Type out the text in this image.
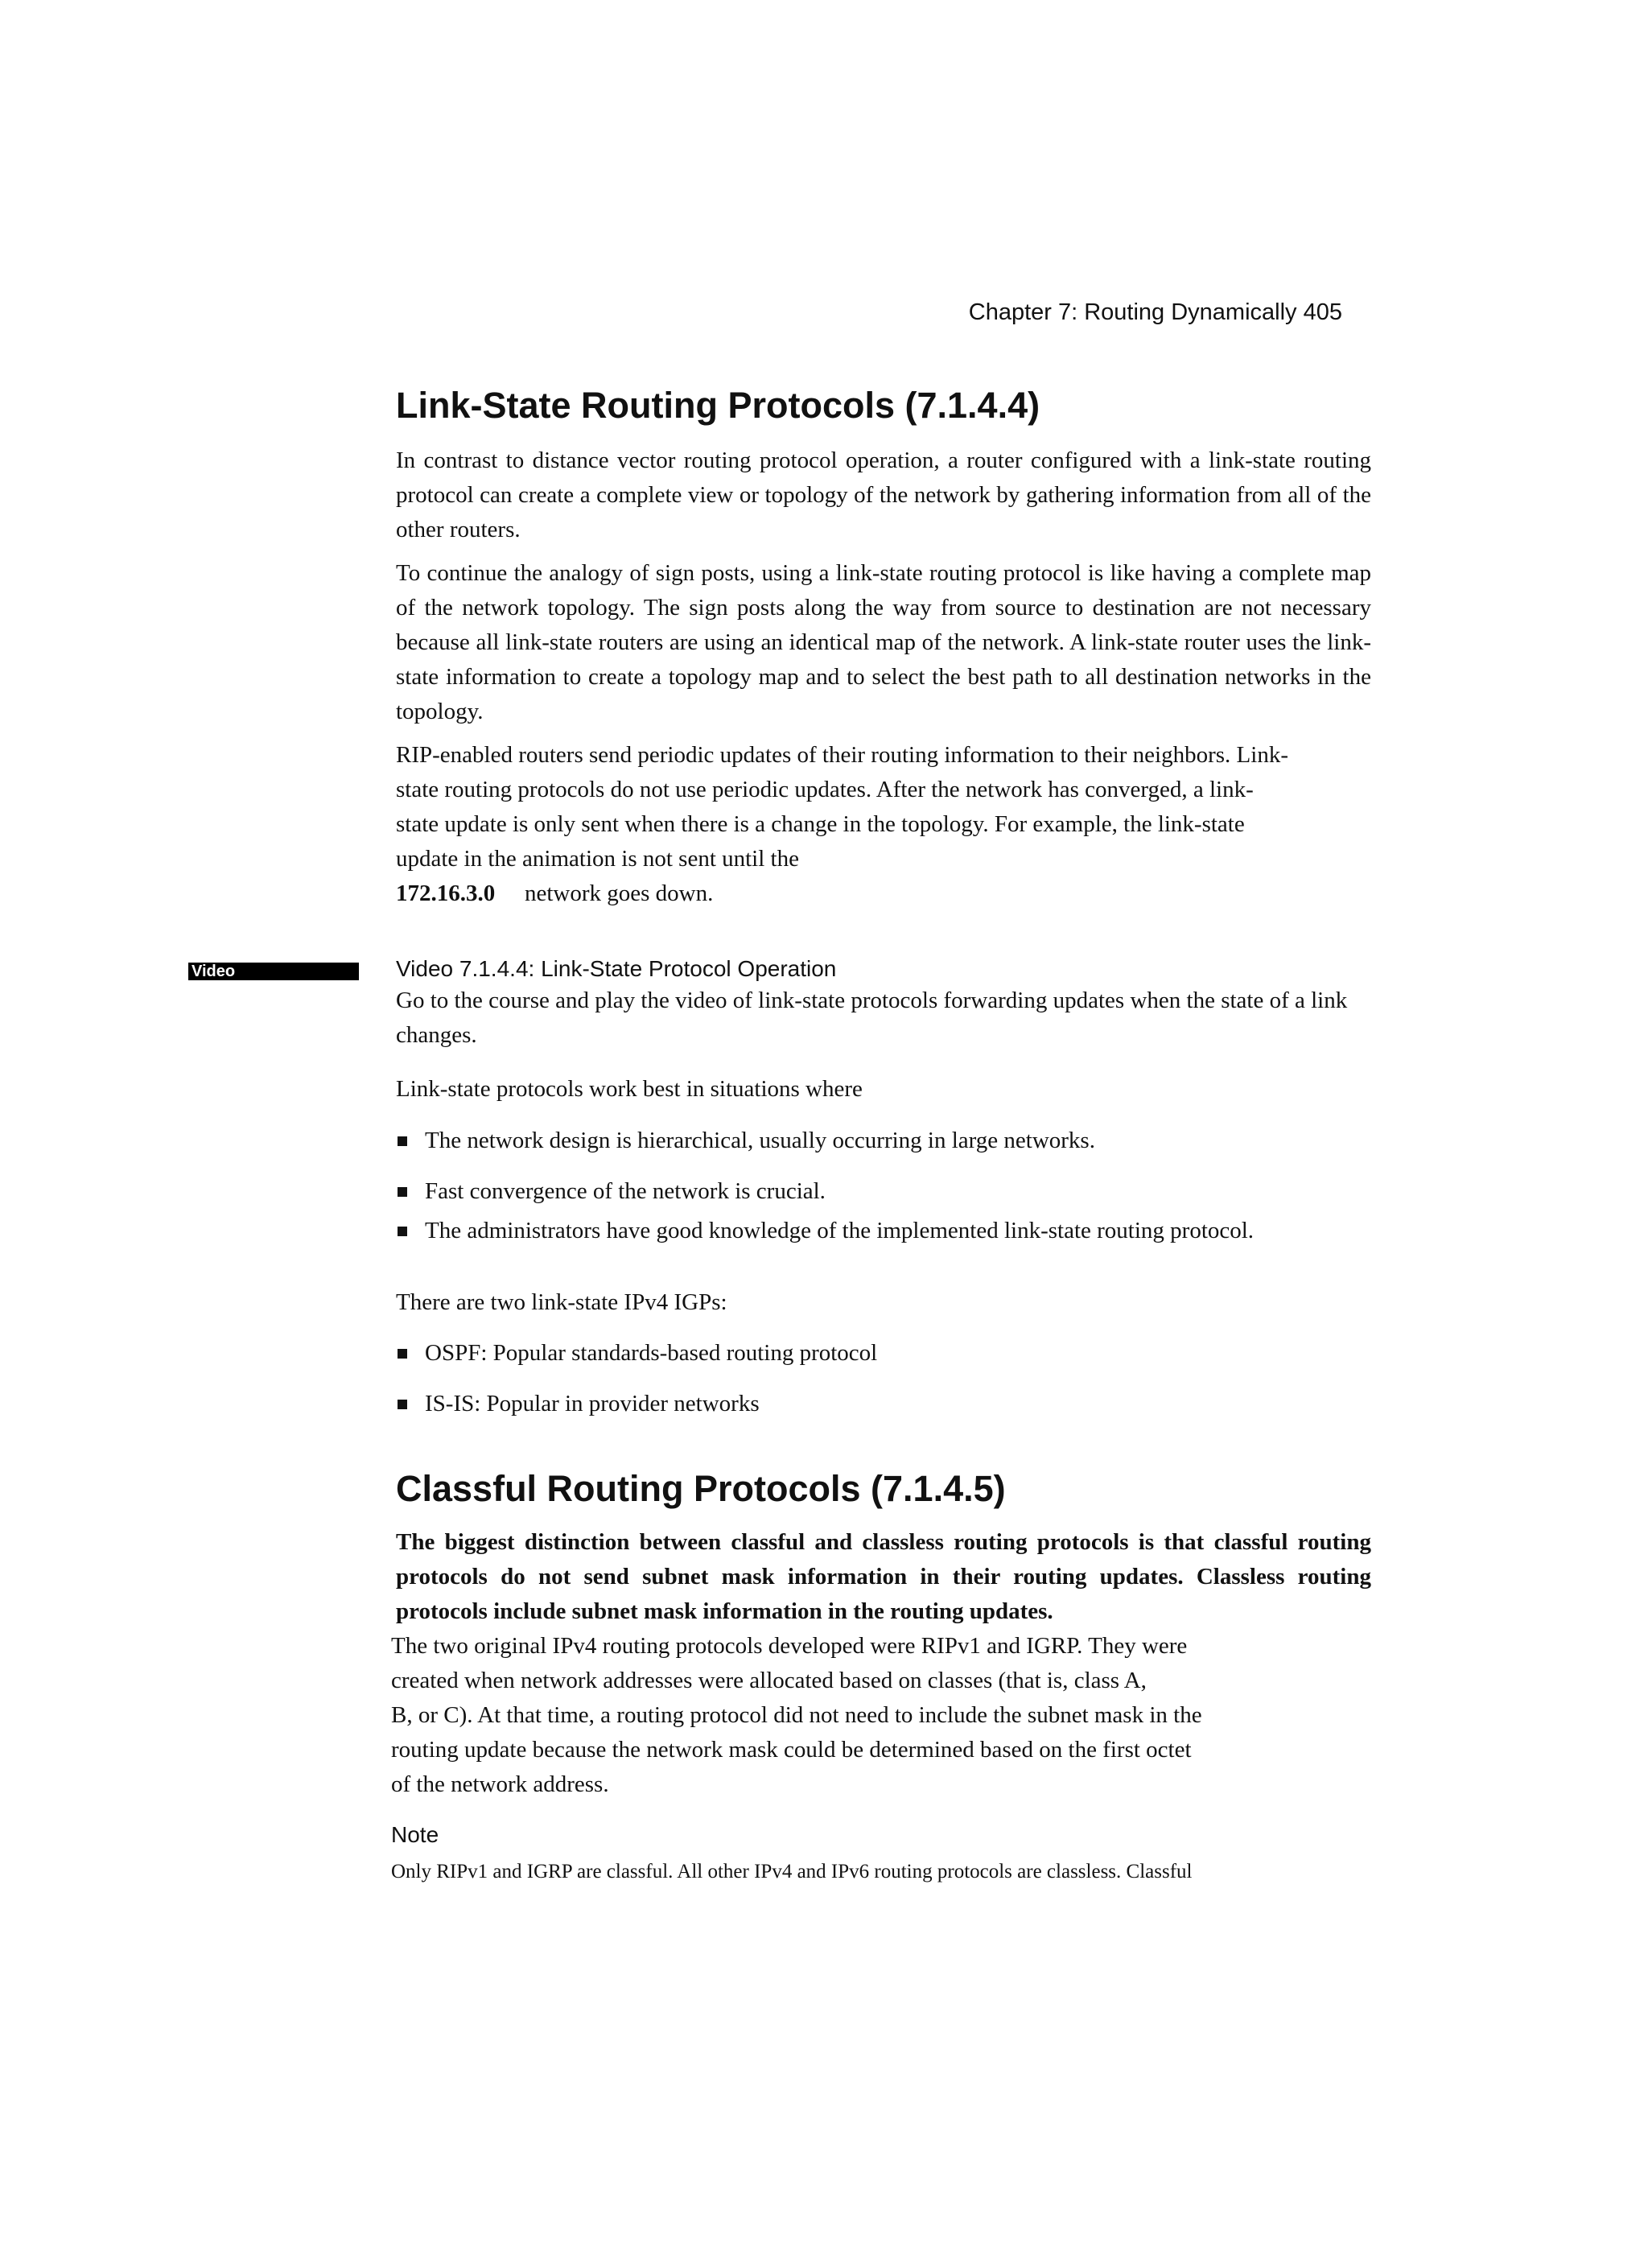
Chapter 7: Routing Dynamically 405
Link-State Routing Protocols (7.1.4.4)

In contrast to distance vector routing protocol operation, a router configured with a link-state routing protocol can create a complete view or topology of the network by gathering information from all of the other routers.

To continue the analogy of sign posts, using a link-state routing protocol is like having a complete map of the network topology. The sign posts along the way from source to destination are not necessary because all link-state routers are using an identical map of the network. A link-state router uses the link-state information to create a topology map and to select the best path to all destination networks in the topology.

RIP-enabled routers send periodic updates of their routing information to their neighbors. Link-
state routing protocols do not use periodic updates. After the network has converged, a link-
state update is only sent when there is a change in the topology. For example, the link-state
update in the animation is not sent until the
172.16.3.0 network goes down.
Video	Video 7.1.4.4: Link-State Protocol Operation

Go to the course and play the video of link-state protocols forwarding updates when the state of a link changes.

Link-state protocols work best in situations where

The network design is hierarchical, usually occurring in large networks.
Fast convergence of the network is crucial.
The administrators have good knowledge of the implemented link-state routing protocol.

There are two link-state IPv4 IGPs:

OSPF: Popular standards-based routing protocol
IS-IS: Popular in provider networks
Classful Routing Protocols (7.1.4.5)

The biggest distinction between classful and classless routing protocols is that classful routing protocols do not send subnet mask information in their routing updates. Classless routing protocols include subnet mask information in the routing updates.

The two original IPv4 routing protocols developed were RIPv1 and IGRP. They were
created when network addresses were allocated based on classes (that is, class A,
B, or C). At that time, a routing protocol did not need to include the subnet mask in the
routing update because the network mask could be determined based on the first octet
of the network address.
Note
Only RIPv1 and IGRP are classful. All other IPv4 and IPv6 routing protocols are classless. Classful
